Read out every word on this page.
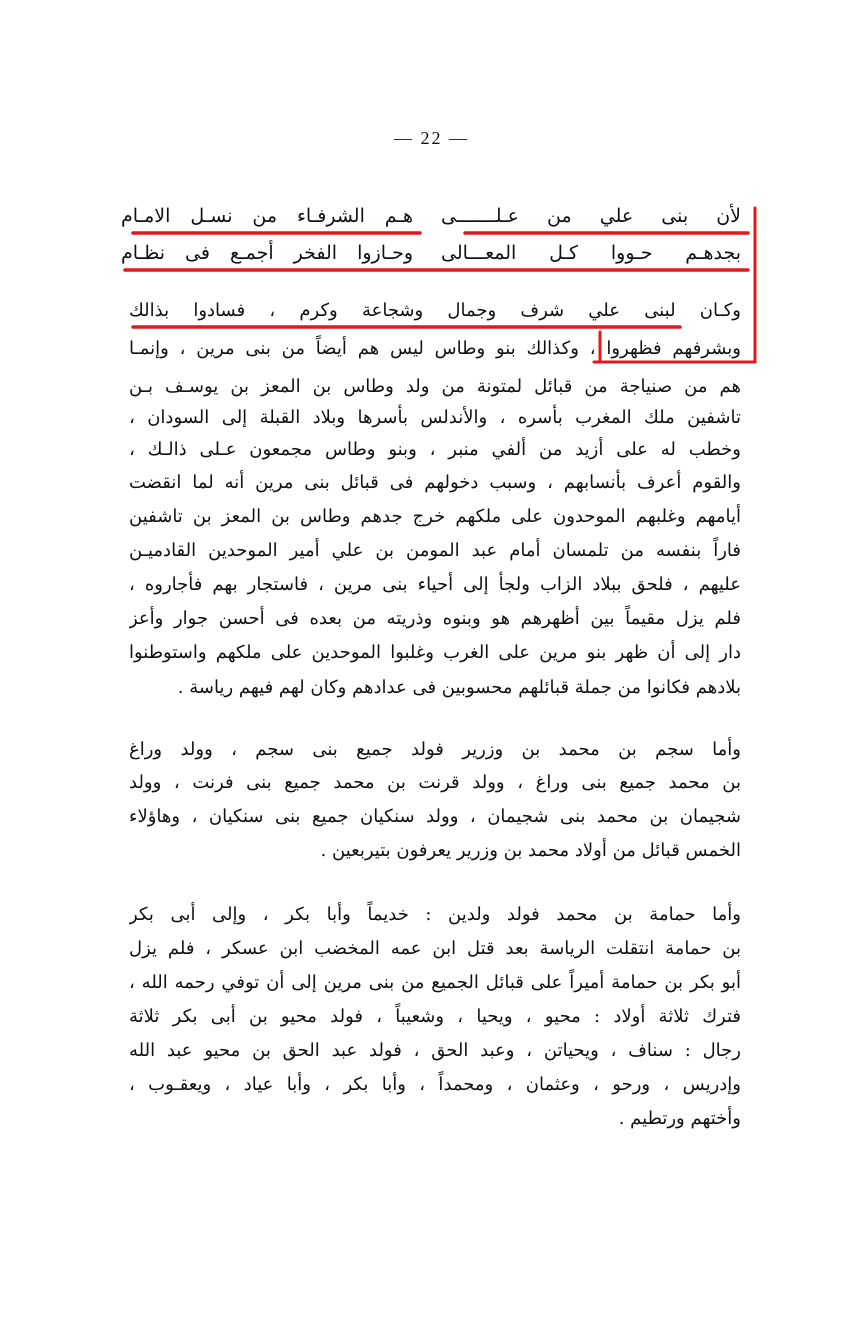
— 22 —
لأن بنى علي من عـلـــــــى
هـم الشرفـاء من نسـل الامـام
بجدهـم حـووا كـل المعـــالى
وحـازوا الفخر أجمـع فى نظـام
وكـان لبنى علي شرف وجمال وشجاعة وكرم ، فسادوا بذالك
وبشرفهم فظهروا ، وكذالك بنو وطاس ليس هم أيضاً من بنى مرين ، وإنمـا
هم من صنياجة من قبائل لمتونة من ولد وطاس بن المعز بن يوسـف بـن
تاشفين ملك المغرب بأسره ، والأندلس بأسرها وبلاد القبلة إلى السودان ،
وخطب له على أزيد من ألفي منبر ، وبنو وطاس مجمعون عـلى ذالـك ،
والقوم أعرف بأنسابهم ، وسبب دخولهم فى قبائل بنى مرين أنه لما انقضت
أيامهم وغلبهم الموحدون على ملكهم خرج جدهم وطاس بن المعز بن تاشفين
فاراً بنفسه من تلمسان أمام عبد المومن بن علي أمير الموحدين القادميـن
عليهم ، فلحق ببلاد الزاب ولجأ إلى أحياء بنى مرين ، فاستجار بهم فأجاروه ،
فلم يزل مقيماً بين أظهرهم هو وبنوه وذريته من بعده فى أحسن جوار وأعز
دار إلى أن ظهر بنو مرين على الغرب وغلبوا الموحدين على ملكهم واستوطنوا
بلادهم فكانوا من جملة قبائلهم محسوبين فى عدادهم وكان لهم فيهم رياسة .
وأما سجم بن محمد بن وزرير فولد جميع بنى سجم ، وولد وراغ
بن محمد جميع بنى وراغ ، وولد قرنت بن محمد جميع بنى فرنت ، وولد
شجيمان بن محمد بنى شجيمان ، وولد سنكيان جميع بنى سنكيان ، وهاؤلاء
الخمس قبائل من أولاد محمد بن وزرير يعرفون بتيربعين .
وأما حمامة بن محمد فولد ولدين : خديماً وأبا بكر ، وإلى أبى بكر
بن حمامة انتقلت الرياسة بعد قتل ابن عمه المخضب ابن عسكر ، فلم يزل
أبو بكر بن حمامة أميراً على قبائل الجميع من بنى مرين إلى أن توفي رحمه الله ،
فترك ثلاثة أولاد : محيو ، ويحيا ، وشعيباً ، فولد محيو بن أبى بكر ثلاثة
رجال : سناف ، ويحياتن ، وعبد الحق ، فولد عبد الحق بن محيو عبد الله
وإدريس ، ورحو ، وعثمان ، ومحمداً ، وأبا بكر ، وأبا عياد ، ويعقـوب ،
وأختهم ورتطيم .
